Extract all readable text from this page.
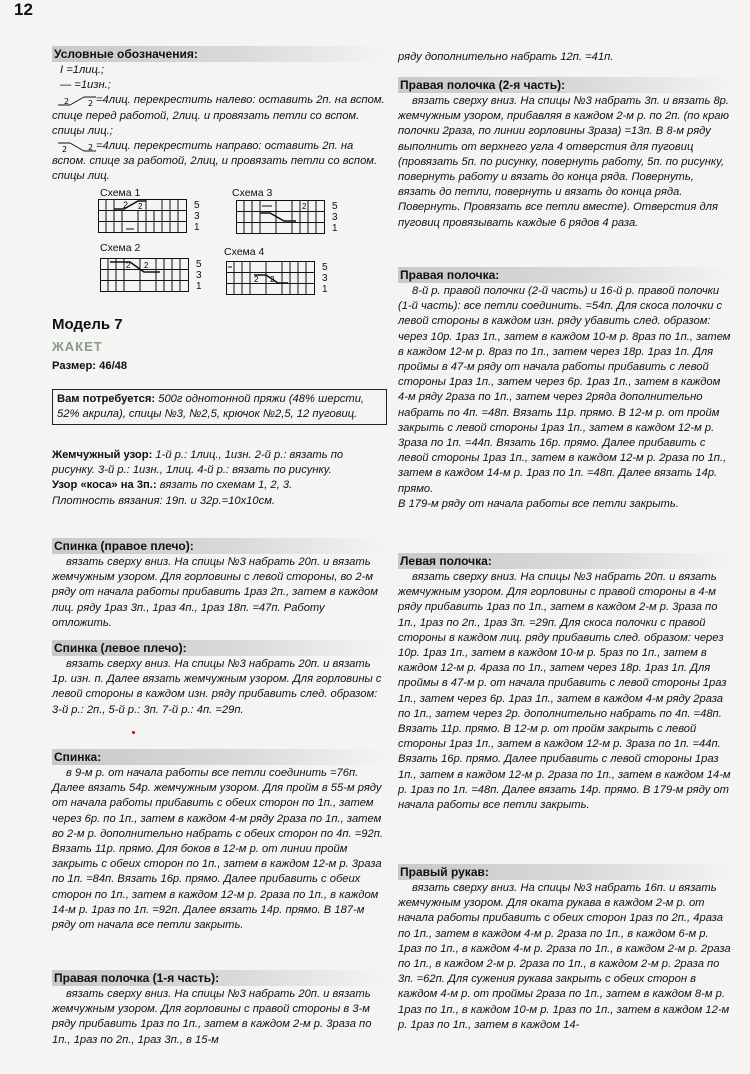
12
Условные обозначения:

I =1лиц.;

— =1изн.;

2 2 =4лиц. перекрестить налево: оставить 2п. на вспом. спице перед работой, 2лиц. и провязать петли со вспом. спицы лиц.;

2	2 =4лиц. перекрестить направо: оставить 2п. на вспом. спице за работой, 2лиц, и провязать петли со вспом. спицы лиц.

Схема 1	Схема 3
Схема 2	Схема 4
2 2	5
3
1
2	5
3
1
2 2	5
3
1
2 2
5
3
1
Модель 7
ЖАКЕТ
Размер: 46/48

Вам потребуется: 500г однотонной пряжи (48% шерсти, 52% акрила), спицы №3, №2,5, крючок №2,5, 12 пуговиц.

Жемчужный узор: 1-й р.: 1лиц., 1изн. 2-й р.: вязать по рисунку. 3-й р.: 1изн., 1лиц. 4-й р.: вязать по рисунку.

Узор «коса» на 3п.: вязать по схемам 1, 2, 3.

Плотность вязания: 19п. и 32р.=10х10см.

Спинка (правое плечо):

вязать сверху вниз. На спицы №3 набрать 20п. и вязать жемчужным узором. Для горловины с левой стороны, во 2-м ряду от начала работы прибавить 1раз 2п., затем в каждом лиц. ряду 1раз 3п., 1раз 4п., 1раз 18п. =47п. Работу отложить.

Спинка (левое плечо):

вязать сверху вниз. На спицы №3 набрать 20п. и вязать 1р. изн. п. Далее вязать жемчужным узором. Для горловины с левой стороны в каждом изн. ряду прибавить след. образом: 3-й р.: 2п., 5-й р.: 3п. 7-й р.: 4п. =29п.

Спинка:

в 9-м р. от начала работы все петли соединить =76п. Далее вязать 54р. жемчужным узором. Для пройм в 55-м ряду от начала работы прибавить с обеих сторон по 1п., затем через 6р. по 1п., затем в каждом 4-м ряду 2раза по 1п., затем во 2-м р. дополнительно набрать с обеих сторон по 4п. =92п. Вязать 11р. прямо. Для боков в 12-м р. от линии пройм закрыть с обеих сторон по 1п., затем в каждом 12-м р. 3раза по 1п. =84п. Вязать 16р. прямо. Далее прибавить с обеих сторон по 1п., затем в каждом 12-м р. 2раза по 1п., в каждом 14-м р. 1раз по 1п. =92п. Далее вязать 14р. прямо. В 187-м ряду от начала все петли закрыть.

Правая полочка (1-я часть):

вязать сверху вниз. На спицы №3 набрать 20п. и вязать жемчужным узором. Для горловины с правой стороны в 3-м ряду прибавить 1раз по 1п., затем в каждом 2-м р. 3раза по 1п., 1раз по 2п., 1раз 3п., в 15-м

ряду дополнительно набрать 12п. =41п.

Правая полочка (2-я часть):

вязать сверху вниз. На спицы №3 набрать 3п. и вязать 8р. жемчужным узором, прибавляя в каждом 2-м р. по 2п. (по краю полочки 2раза, по линии горловины 3раза) =13п. В 8-м ряду выполнить от верхнего угла 4 отверстия для пуговиц (провязать 5п. по рисунку, повернуть работу, 5п. по рисунку, повернуть работу и вязать до конца ряда. Повернуть, вязать до петли, повернуть и вязать до конца ряда. Повернуть. Провязать все петли вместе). Отверстия для пуговиц провязывать каждые 6 рядов 4 раза.

Правая полочка:

8-й р. правой полочки (2-й часть) и 16-й р. правой полочки (1-й часть): все петли соединить. =54п. Для скоса полочки с левой стороны в каждом изн. ряду убавить след. образом: через 10р. 1раз 1п., затем в каждом 10-м р. 8раз по 1п., затем в каждом 12-м р. 8раз по 1п., затем через 18р. 1раз 1п. Для проймы в 47-м ряду от начала работы прибавить с левой стороны 1раз 1п., затем через 6р. 1раз 1п., затем в каждом 4-м ряду 2раза по 1п., затем через 2ряда дополнительно набрать по 4п. =48п. Вязать 11р. прямо. В 12-м р. от пройм закрыть с левой стороны 1раз 1п., затем в каждом 12-м р. 3раза по 1п. =44п. Вязать 16р. прямо. Далее прибавить с левой стороны 1раз 1п., затем в каждом 12-м р. 2раза по 1п., затем в каждом 14-м р. 1раз по 1п. =48п. Далее вязать 14р. прямо.

В 179-м ряду от начала работы все петли закрыть.

Левая полочка:

вязать сверху вниз. На спицы №3 набрать 20п. и вязать жемчужным узором. Для горловины с правой стороны в 4-м ряду прибавить 1раз по 1п., затем в каждом 2-м р. 3раза по 1п., 1раз по 2п., 1раз 3п. =29п. Для скоса полочки с правой стороны в каждом лиц. ряду прибавить след. образом: через 10р. 1раз 1п., затем в каждом 10-м р. 5раз по 1п., затем в каждом 12-м р. 4раза по 1п., затем через 18р. 1раз 1п. Для проймы в 47-м р. от начала прибавить с левой стороны 1раз 1п., затем через 6р. 1раз 1п., затем в каждом 4-м ряду 2раза по 1п., затем через 2р. дополнительно набрать по 4п. =48п. Вязать 11р. прямо. В 12-м р. от пройм закрыть с левой стороны 1раз 1п., затем в каждом 12-м р. 3раза по 1п. =44п. Вязать 16р. прямо. Далее прибавить с левой стороны 1раз 1п., затем в каждом 12-м р. 2раза по 1п., затем в каждом 14-м р. 1раз по 1п. =48п. Далее вязать 14р. прямо. В 179-м ряду от начала работы все петли закрыть.

Правый рукав:

вязать сверху вниз. На спицы №3 набрать 16п. и вязать жемчужным узором. Для оката рукава в каждом 2-м р. от начала работы прибавить с обеих сторон 1раз по 2п., 4раза по 1п., затем в каждом 4-м р. 2раза по 1п., в каждом 6-м р. 1раз по 1п., в каждом 4-м р. 2раза по 1п., в каждом 2-м р. 2раза по 1п., в каждом 2-м р. 2раза по 1п., в каждом 2-м р. 2раза по 3п. =62п. Для сужения рукава закрыть с обеих сторон в каждом 4-м р. от проймы 2раза по 1п., затем в каждом 8-м р. 1раз по 1п., в каждом 10-м р. 1раз по 1п., затем в каждом 12-м р. 1раз по 1п., затем в каждом 14-
